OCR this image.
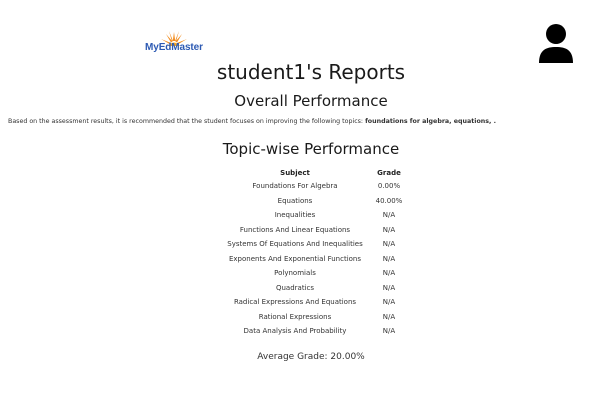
MyEdMaster
student1's Reports
Overall Performance
Based on the assessment results, it is recommended that the student focuses on improving the following topics: foundations for algebra, equations, .
Topic-wise Performance
Subject	Grade
Foundations For Algebra	0.00%
Equations	40.00%
Inequalities	N/A
Functions And Linear Equations	N/A
Systems Of Equations And Inequalities	N/A
Exponents And Exponential Functions	N/A
Polynomials	N/A
Quadratics	N/A
Radical Expressions And Equations	N/A
Rational Expressions	N/A
Data Analysis And Probability	N/A
Average Grade: 20.00%
